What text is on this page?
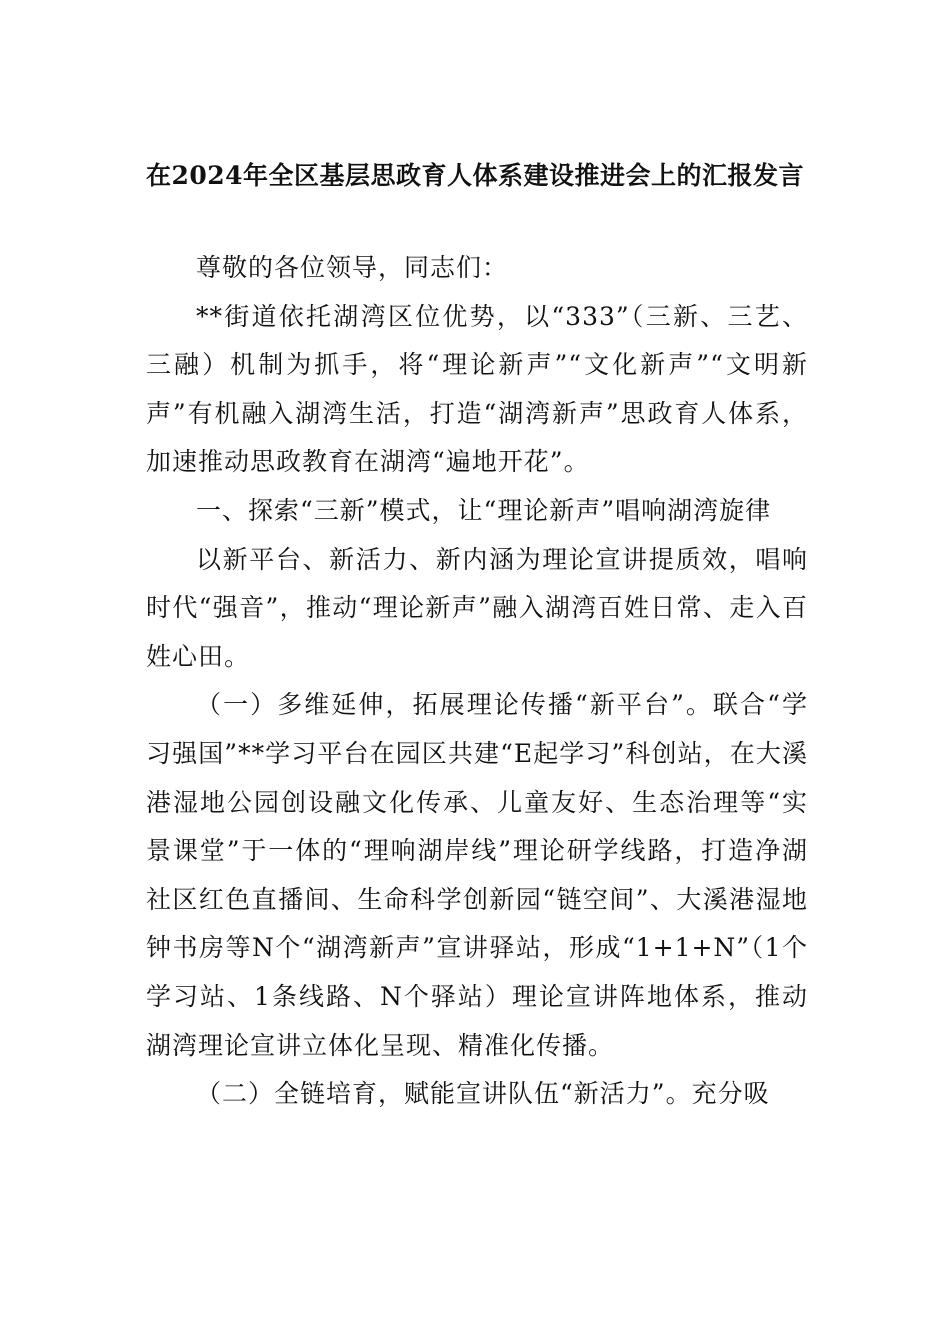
在2024年全区基层思政育人体系建设推进会上的汇报发言

尊敬的各位领导，同志们：

**街道依托湖湾区位优势，以“333”（三新、三艺、三融）机制为抓手，将“理论新声”“文化新声”“文明新声”有机融入湖湾生活，打造“湖湾新声”思政育人体系，加速推动思政教育在湖湾“遍地开花”。

一、探索“三新”模式，让“理论新声”唱响湖湾旋律

以新平台、新活力、新内涵为理论宣讲提质效，唱响时代“强音”，推动“理论新声”融入湖湾百姓日常、走入百姓心田。

（一）多维延伸，拓展理论传播“新平台”。联合“学习强国”**学习平台在园区共建“E起学习”科创站，在大溪港湿地公园创设融文化传承、儿童友好、生态治理等“实景课堂”于一体的“理响湖岸线”理论研学线路，打造净湖社区红色直播间、生命科学创新园“链空间”、大溪港湿地钟书房等N个“湖湾新声”宣讲驿站，形成“1+1+N”（1个学习站、1条线路、N个驿站）理论宣讲阵地体系，推动湖湾理论宣讲立体化呈现、精准化传播。

（二）全链培育，赋能宣讲队伍“新活力”。充分吸
